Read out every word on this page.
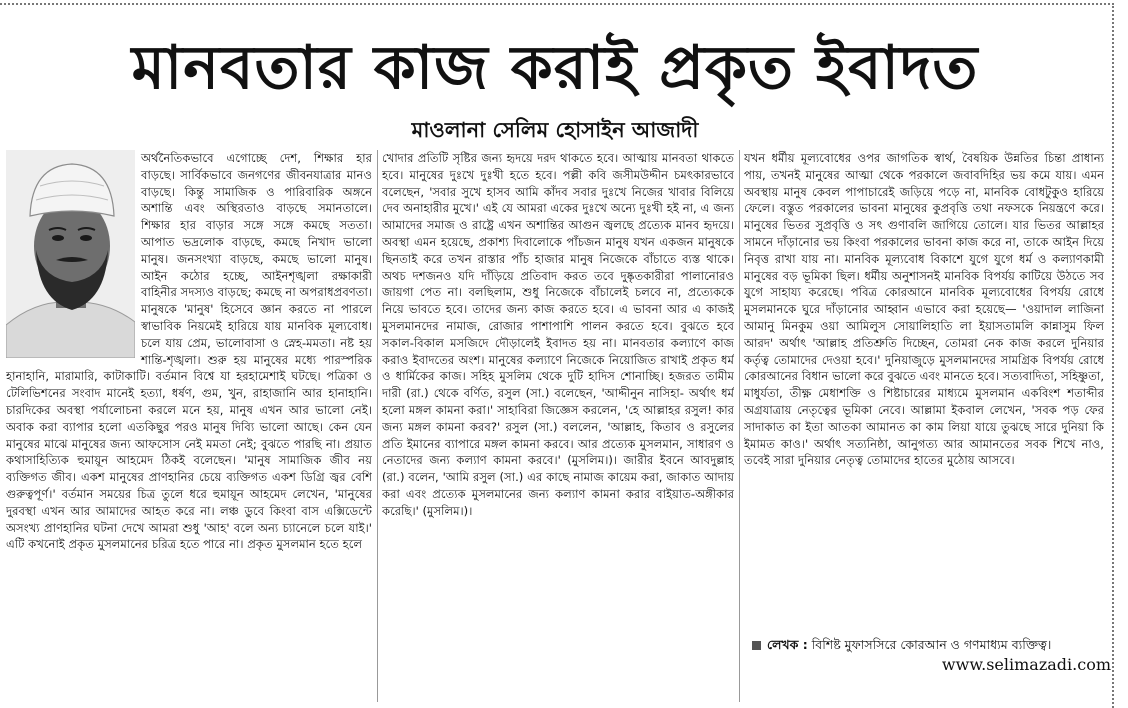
মানবতার কাজ করাই প্রকৃত ইবাদত
মাওলানা সেলিম হোসাইন আজাদী

অর্থনৈতিকভাবে এগোচ্ছে দেশ, শিক্ষার হার বাড়ছে। সার্বিকভাবে জনগণের জীবনযাত্রার মানও বাড়ছে। কিন্তু সামাজিক ও পারিবারিক অঙ্গনে অশান্তি এবং অস্থিরতাও বাড়ছে সমানতালে। শিক্ষার হার বাড়ার সঙ্গে সঙ্গে কমছে সততা। আপাত ভদ্রলোক বাড়ছে, কমছে নিখাদ ভালো মানুষ। জনসংখ্যা বাড়ছে, কমছে ভালো মানুষ। আইন কঠোর হচ্ছে, আইনশৃঙ্খলা রক্ষাকারী বাহিনীর সদস্যও বাড়ছে; কমছে না অপরাধপ্রবণতা। মানুষকে 'মানুষ' হিসেবে জ্ঞান করতে না পারলে স্বাভাবিক নিয়মেই হারিয়ে যায় মানবিক মূল্যবোধ। চলে যায় প্রেম, ভালোবাসা ও স্নেহ-মমতা। নষ্ট হয় শান্তি-শৃঙ্খলা। শুরু হয় মানুষের মধ্যে পারস্পরিক হানাহানি, মারামারি, কাটাকাটি। বর্তমান বিশ্বে যা হরহামেশাই ঘটছে। পত্রিকা ও টেলিভিশনের সংবাদ মানেই হত্যা, ধর্ষণ, গুম, খুন, রাহাজানি আর হানাহানি। চারদিকের অবস্থা পর্যালোচনা করলে মনে হয়, মানুষ এখন আর ভালো নেই। অবাক করা ব্যাপার হলো এতকিছুর পরও মানুষ দিব্যি ভালো আছে। কেন যেন মানুষের মাঝে মানুষের জন্য আফসোস নেই মমতা নেই; বুঝতে পারছি না। প্রয়াত কথাসাহিত্যিক হুমায়ূন আহমেদ ঠিকই বলেছেন। 'মানুষ সামাজিক জীব নয় ব্যক্তিগত জীব। একশ মানুষের প্রাণহানির চেয়ে ব্যক্তিগত একশ ডিগ্রি জ্বর বেশি গুরুত্বপূর্ণ।' বর্তমান সময়ের চিত্র তুলে ধরে হুমায়ূন আহমেদ লেখেন, 'মানুষের দুরবস্থা এখন আর আমাদের আহত করে না। লঞ্চ ডুবে কিংবা বাস এক্সিডেন্টে অসংখ্য প্রাণহানির ঘটনা দেখে আমরা শুধু 'আহ' বলে অন্য চ্যানেলে চলে যাই।' এটি কখনোই প্রকৃত মুসলমানের চরিত্র হতে পারে না। প্রকৃত মুসলমান হতে হলে

খোদার প্রতিটি সৃষ্টির জন্য হৃদয়ে দরদ থাকতে হবে। আত্মায় মানবতা থাকতে হবে। মানুষের দুঃখে দুঃখী হতে হবে। পল্লী কবি জসীমউদ্দীন চমৎকারভাবে বলেছেন, 'সবার সুখে হাসব আমি কাঁদব সবার দুঃখে নিজের খাবার বিলিয়ে দেব অনাহারীর মুখে।' এই যে আমরা একের দুঃখে অন্যে দুঃখী হই না, এ জন্য আমাদের সমাজ ও রাষ্ট্রে এখন অশান্তির আগুন জ্বলছে প্রত্যেক মানব হৃদয়ে। অবস্থা এমন হয়েছে, প্রকাশ্য দিবালোকে পাঁচজন মানুষ যখন একজন মানুষকে ছিনতাই করে তখন রাস্তার পাঁচ হাজার মানুষ নিজেকে বাঁচাতে ব্যস্ত থাকে। অথচ দশজনও যদি দাঁড়িয়ে প্রতিবাদ করত তবে দুষ্কৃতকারীরা পালানোরও জায়গা পেত না। বলছিলাম, শুধু নিজেকে বাঁচালেই চলবে না, প্রত্যেককে নিয়ে ভাবতে হবে। তাদের জন্য কাজ করতে হবে। এ ভাবনা আর এ কাজই মুসলমানদের নামাজ, রোজার পাশাপাশি পালন করতে হবে। বুঝতে হবে সকাল-বিকাল মসজিদে দৌড়ালেই ইবাদত হয় না। মানবতার কল্যাণে কাজ করাও ইবাদতের অংশ। মানুষের কল্যাণে নিজেকে নিয়োজিত রাখাই প্রকৃত ধর্ম ও ধার্মিকের কাজ। সহিহ মুসলিম থেকে দুটি হাদিস শোনাচ্ছি। হজরত তামীম দারী (রা.) থেকে বর্ণিত, রসুল (সা.) বলেছেন, 'আদ্দীনুন নাসিহা- অর্থাৎ ধর্ম হলো মঙ্গল কামনা করা।' সাহাবিরা জিজ্ঞেস করলেন, 'হে আল্লাহর রসুল! কার জন্য মঙ্গল কামনা করব?' রসুল (সা.) বললেন, 'আল্লাহ, কিতাব ও রসুলের প্রতি ইমানের ব্যাপারে মঙ্গল কামনা করবে। আর প্রত্যেক মুসলমান, সাধারণ ও নেতাদের জন্য কল্যাণ কামনা করবে।' (মুসলিম।)। জারীর ইবনে আবদুল্লাহ (রা.) বলেন, 'আমি রসুল (সা.) এর কাছে নামাজ কায়েম করা, জাকাত আদায় করা এবং প্রত্যেক মুসলমানের জন্য কল্যাণ কামনা করার বাইয়াত-অঙ্গীকার করেছি।' (মুসলিম।)।

যখন ধর্মীয় মূল্যবোধের ওপর জাগতিক স্বার্থ, বৈষয়িক উন্নতির চিন্তা প্রাধান্য পায়, তখনই মানুষের আত্মা থেকে পরকালে জবাবদিহির ভয় কমে যায়। এমন অবস্থায় মানুষ কেবল পাপাচারেই জড়িয়ে পড়ে না, মানবিক বোধটুকুও হারিয়ে ফেলে। বস্তুত পরকালের ভাবনা মানুষের কুপ্রবৃত্তি তথা নফসকে নিয়ন্ত্রণে করে। মানুষের ভিতর সুপ্রবৃত্তি ও সৎ গুণাবলি জাগিয়ে তোলে। যার ভিতর আল্লাহর সামনে দাঁড়ানোর ভয় কিংবা পরকালের ভাবনা কাজ করে না, তাকে আইন দিয়ে নিবৃত্ত রাখা যায় না। মানবিক মূল্যবোধ বিকাশে যুগে যুগে ধর্ম ও কল্যাণকামী মানুষের বড় ভূমিকা ছিল। ধর্মীয় অনুশাসনই মানবিক বিপর্যয় কাটিয়ে উঠতে সব যুগে সাহায্য করেছে। পবিত্র কোরআনে মানবিক মূল্যবোধের বিপর্যয় রোধে মুসলমানকে ঘুরে দাঁড়ানোর আহ্বান এভাবে করা হয়েছে— 'ওয়াদাল লাজিনা আমানু মিনকুম ওয়া আমিলুস সোয়ালিহাতি লা ইয়াসতামলি কান্নাসুম ফিল আরদ' অর্থাৎ 'আল্লাহ প্রতিশ্রুতি দিচ্ছেন, তোমরা নেক কাজ করলে দুনিয়ার কর্তৃত্ব তোমাদের দেওয়া হবে।' দুনিয়াজুড়ে মুসলমানদের সামগ্রিক বিপর্যয় রোধে কোরআনের বিধান ভালো করে বুঝতে এবং মানতে হবে। সত্যবাদিতা, সহিষ্ণুতা, মাধুর্যতা, তীক্ষ্ণ মেধাশক্তি ও শিষ্টাচারের মাধ্যমে মুসলমান একবিংশ শতাব্দীর অগ্রযাত্রায় নেতৃত্বের ভূমিকা নেবে। আল্লামা ইকবাল লেখেন, 'সবক পড় ফের সাদাকাত কা ইতা আতকা আমানত কা কাম লিয়া যায়ে তুঝছে সারে দুনিয়া কি ইমামত কাও।' অর্থাৎ সত্যনিষ্ঠা, আনুগত্য আর আমানতের সবক শিখে নাও, তবেই সারা দুনিয়ার নেতৃত্ব তোমাদের হাতের মুঠোয় আসবে।

লেখক : বিশিষ্ট মুফাসসিরে কোরআন ও গণমাধ্যম ব্যক্তিত্ব।
www.selimazadi.com
